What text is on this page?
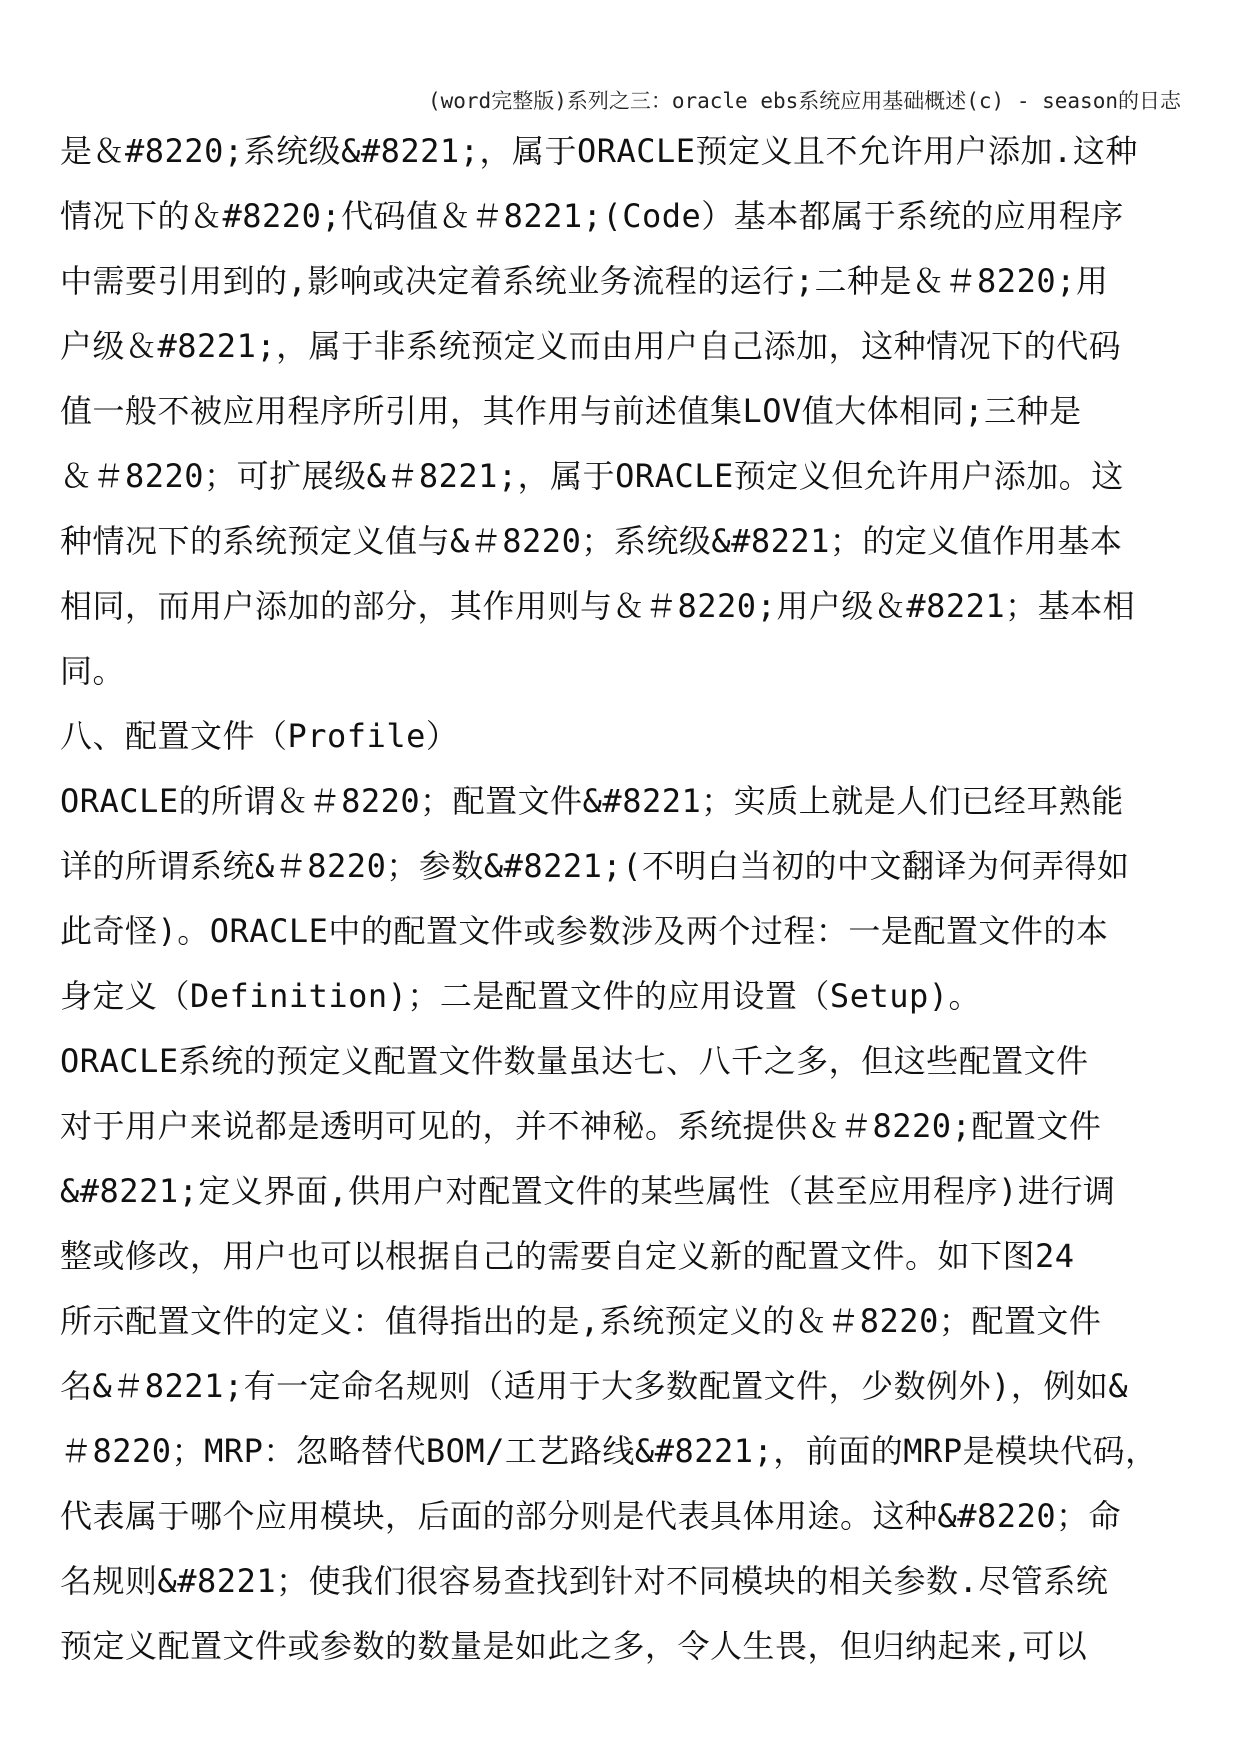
(word完整版)系列之三：oracle ebs系统应用基础概述(c) - season的日志
是＆#8220;系统级&#8221;，属于ORACLE预定义且不允许用户添加.这种
情况下的＆#8220;代码值＆＃8221;(Code）基本都属于系统的应用程序
中需要引用到的,影响或决定着系统业务流程的运行;二种是＆＃8220;用
户级＆#8221;，属于非系统预定义而由用户自己添加，这种情况下的代码
值一般不被应用程序所引用，其作用与前述值集LOV值大体相同;三种是
＆＃8220；可扩展级&＃8221;，属于ORACLE预定义但允许用户添加。这
种情况下的系统预定义值与&＃8220；系统级&#8221；的定义值作用基本
相同，而用户添加的部分，其作用则与＆＃8220;用户级＆#8221；基本相
同。
八、配置文件（Profile）
ORACLE的所谓＆＃8220；配置文件&#8221；实质上就是人们已经耳熟能
详的所谓系统&＃8220；参数&#8221;(不明白当初的中文翻译为何弄得如
此奇怪)。ORACLE中的配置文件或参数涉及两个过程：一是配置文件的本
身定义（Definition)；二是配置文件的应用设置（Setup)。
ORACLE系统的预定义配置文件数量虽达七、八千之多，但这些配置文件
对于用户来说都是透明可见的，并不神秘。系统提供＆＃8220;配置文件
&#8221;定义界面,供用户对配置文件的某些属性（甚至应用程序)进行调
整或修改，用户也可以根据自己的需要自定义新的配置文件。如下图24
所示配置文件的定义：值得指出的是,系统预定义的＆＃8220；配置文件
名&＃8221;有一定命名规则（适用于大多数配置文件，少数例外)，例如&
＃8220；MRP：忽略替代BOM/工艺路线&#8221;，前面的MRP是模块代码，
代表属于哪个应用模块，后面的部分则是代表具体用途。这种&#8220；命
名规则&#8221；使我们很容易查找到针对不同模块的相关参数.尽管系统
预定义配置文件或参数的数量是如此之多，令人生畏，但归纳起来,可以
